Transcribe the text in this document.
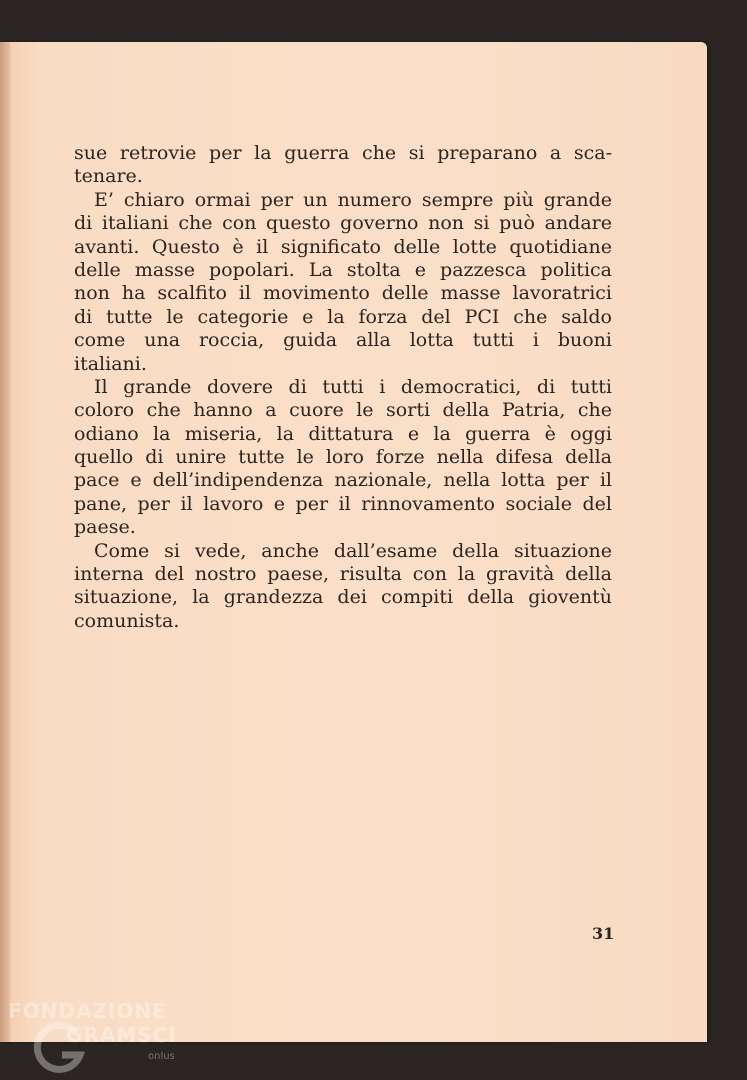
sue retrovie per la guerra che si preparano a sca-
tenare.
E’ chiaro ormai per un numero sempre più grande
di italiani che con questo governo non si può andare
avanti. Questo è il significato delle lotte quotidiane
delle masse popolari. La stolta e pazzesca politica
non ha scalfito il movimento delle masse lavoratrici
di tutte le categorie e la forza del PCI che saldo
come una roccia, guida alla lotta tutti i buoni
italiani.
Il grande dovere di tutti i democratici, di tutti
coloro che hanno a cuore le sorti della Patria, che
odiano la miseria, la dittatura e la guerra è oggi
quello di unire tutte le loro forze nella difesa della
pace e dell’indipendenza nazionale, nella lotta per il
pane, per il lavoro e per il rinnovamento sociale del
paese.
Come si vede, anche dall’esame della situazione
interna del nostro paese, risulta con la gravità della
situazione, la grandezza dei compiti della gioventù
comunista.
31
FONDAZIONE
GRAMSCI
onlus
